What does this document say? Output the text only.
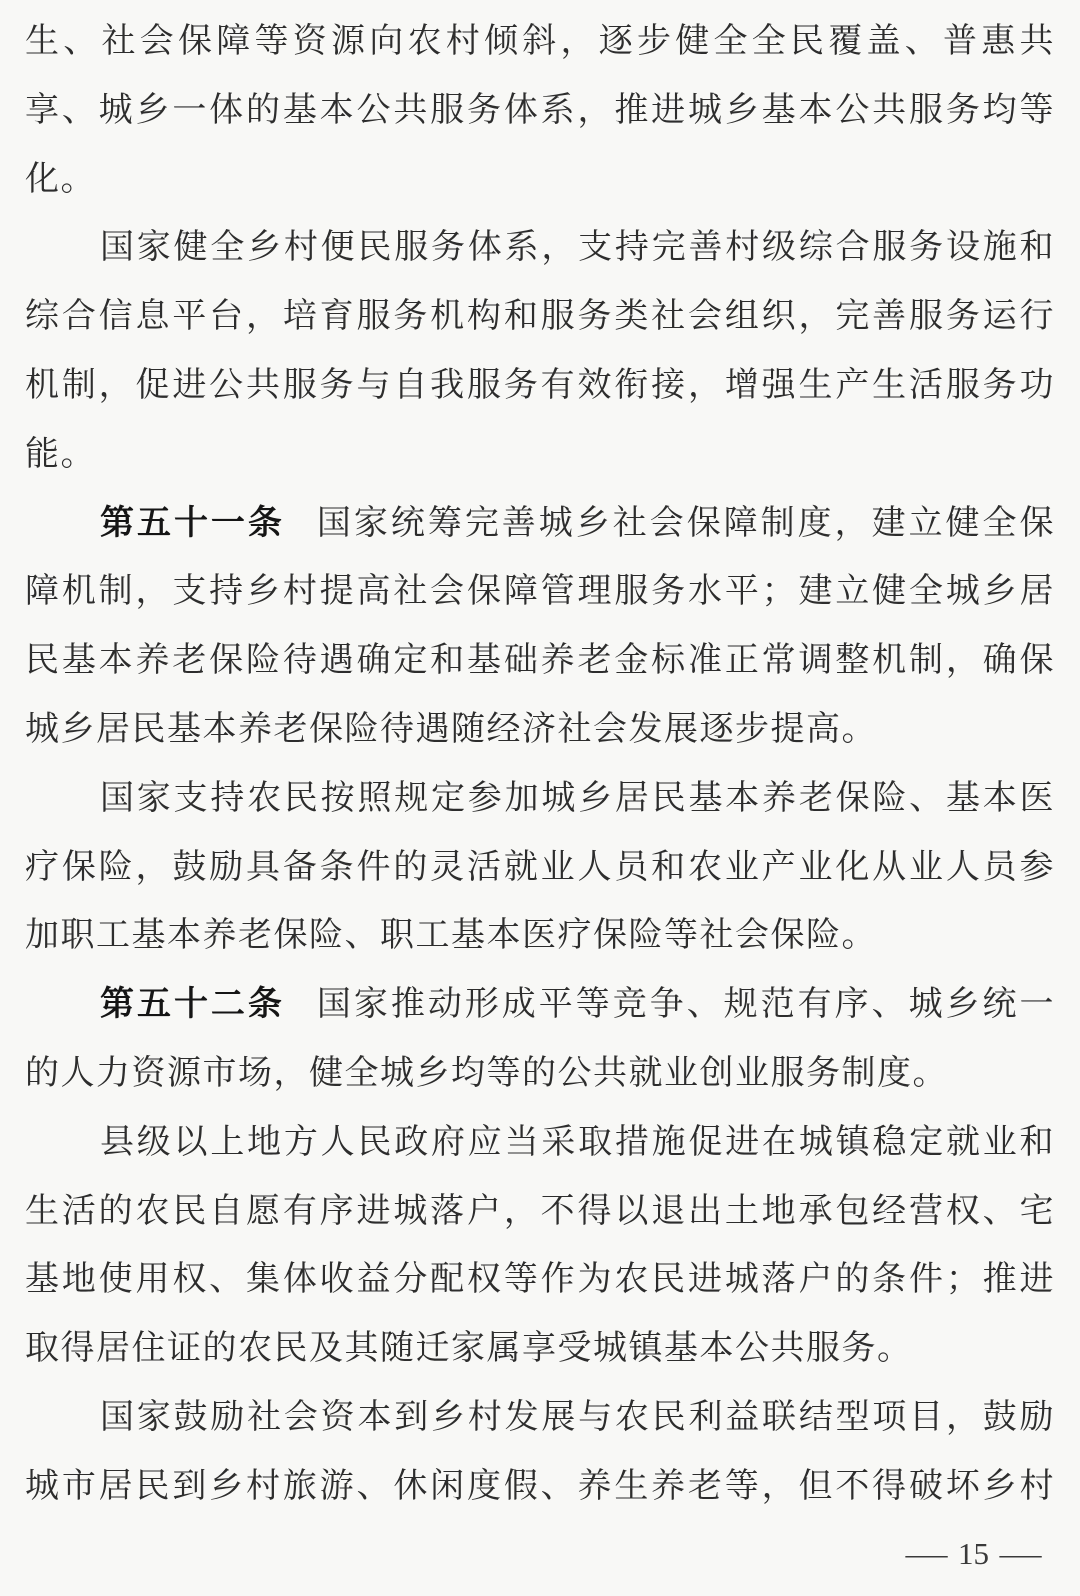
生、社会保障等资源向农村倾斜，逐步健全全民覆盖、普惠共
享、城乡一体的基本公共服务体系，推进城乡基本公共服务均等
化。
国家健全乡村便民服务体系，支持完善村级综合服务设施和
综合信息平台，培育服务机构和服务类社会组织，完善服务运行
机制，促进公共服务与自我服务有效衔接，增强生产生活服务功
能。
第五十一条 国家统筹完善城乡社会保障制度，建立健全保
障机制，支持乡村提高社会保障管理服务水平；建立健全城乡居
民基本养老保险待遇确定和基础养老金标准正常调整机制，确保
城乡居民基本养老保险待遇随经济社会发展逐步提高。
国家支持农民按照规定参加城乡居民基本养老保险、基本医
疗保险，鼓励具备条件的灵活就业人员和农业产业化从业人员参
加职工基本养老保险、职工基本医疗保险等社会保险。
第五十二条 国家推动形成平等竞争、规范有序、城乡统一
的人力资源市场，健全城乡均等的公共就业创业服务制度。
县级以上地方人民政府应当采取措施促进在城镇稳定就业和
生活的农民自愿有序进城落户，不得以退出土地承包经营权、宅
基地使用权、集体收益分配权等作为农民进城落户的条件；推进
取得居住证的农民及其随迁家属享受城镇基本公共服务。
国家鼓励社会资本到乡村发展与农民利益联结型项目，鼓励
城市居民到乡村旅游、休闲度假、养生养老等，但不得破坏乡村
— 15 —
